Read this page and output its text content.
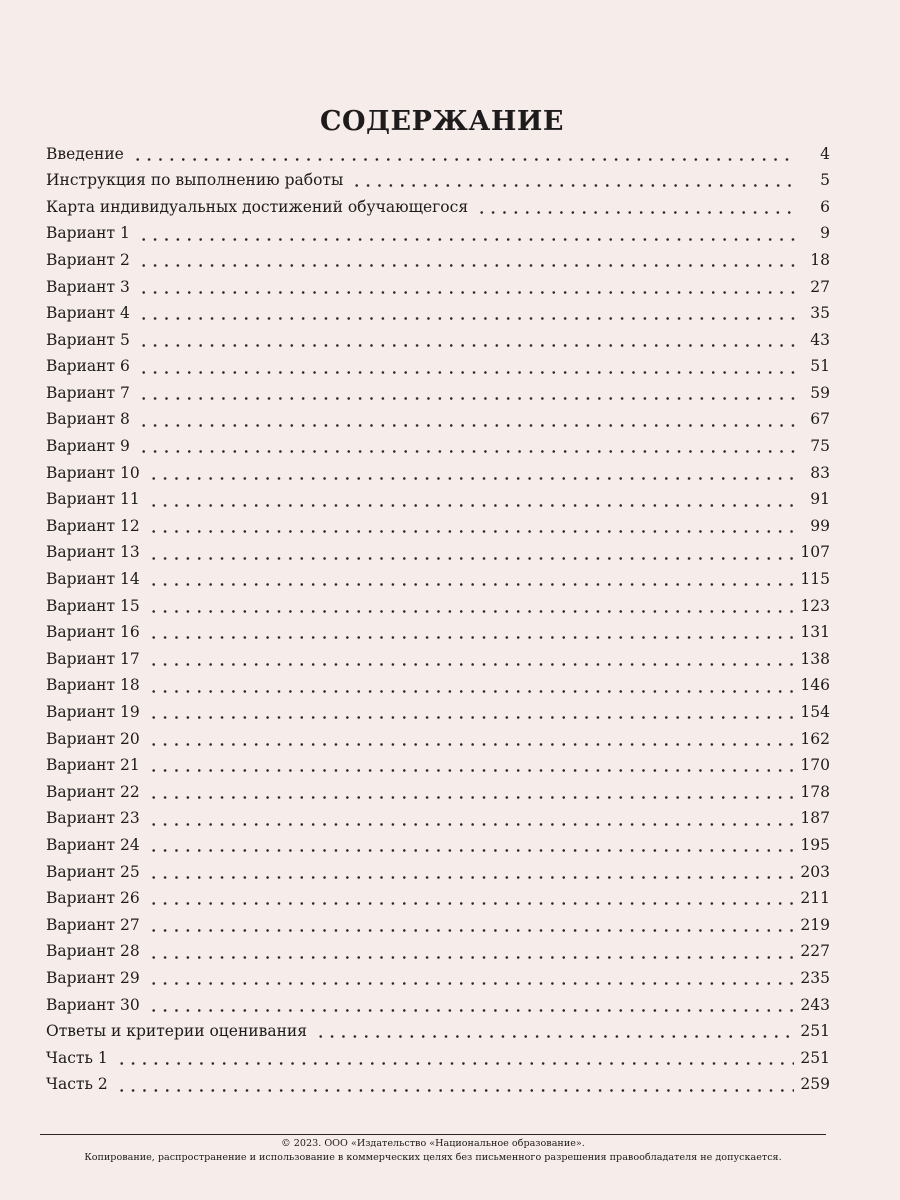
СОДЕРЖАНИЕ
Введение	4
Инструкция по выполнению работы	5
Карта индивидуальных достижений обучающегося	6
Вариант 1	9
Вариант 2	18
Вариант 3	27
Вариант 4	35
Вариант 5	43
Вариант 6	51
Вариант 7	59
Вариант 8	67
Вариант 9	75
Вариант 10	83
Вариант 11	91
Вариант 12	99
Вариант 13	107
Вариант 14	115
Вариант 15	123
Вариант 16	131
Вариант 17	138
Вариант 18	146
Вариант 19	154
Вариант 20	162
Вариант 21	170
Вариант 22	178
Вариант 23	187
Вариант 24	195
Вариант 25	203
Вариант 26	211
Вариант 27	219
Вариант 28	227
Вариант 29	235
Вариант 30	243
Ответы и критерии оценивания	251
Часть 1	251
Часть 2	259
© 2023. ООО «Издательство «Национальное образование».
Копирование, распространение и использование в коммерческих целях без письменного разрешения правообладателя не допускается.
